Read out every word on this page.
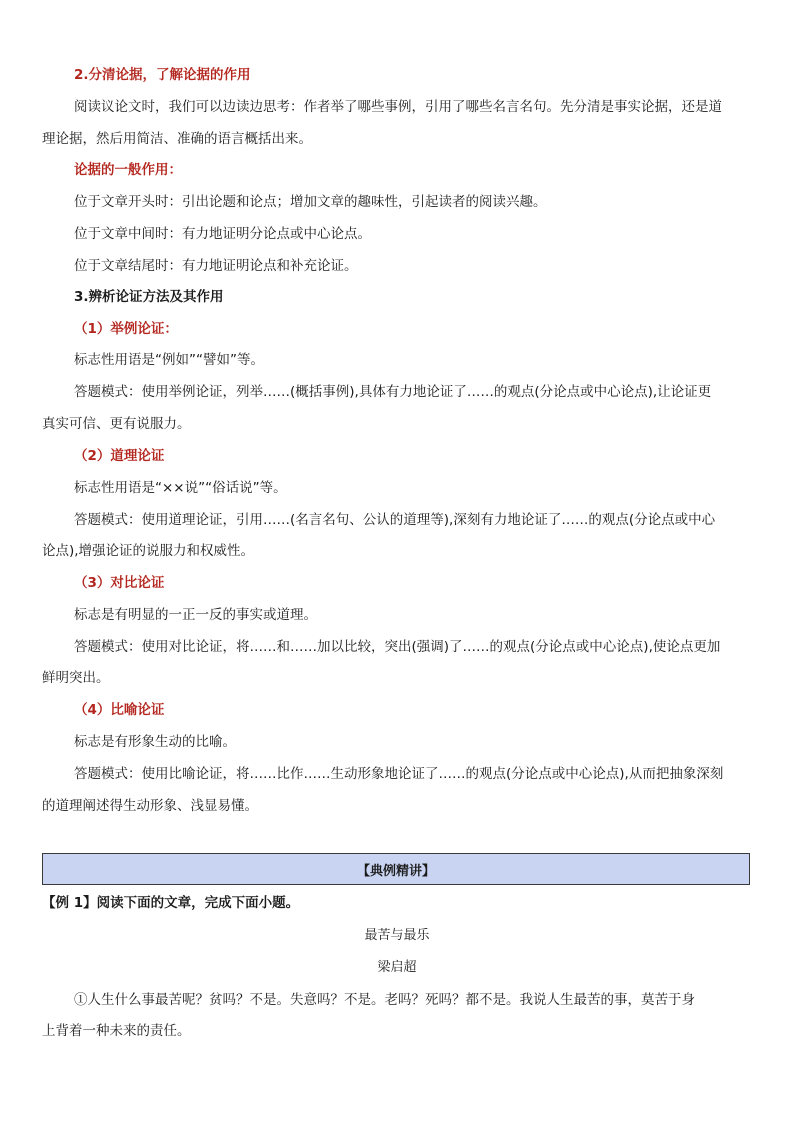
2.分清论据，了解论据的作用
阅读议论文时，我们可以边读边思考：作者举了哪些事例，引用了哪些名言名句。先分清是事实论据，还是道
理论据，然后用简洁、准确的语言概括出来。
论据的一般作用：
位于文章开头时：引出论题和论点；增加文章的趣味性，引起读者的阅读兴趣。
位于文章中间时：有力地证明分论点或中心论点。
位于文章结尾时：有力地证明论点和补充论证。
3.辨析论证方法及其作用
（1）举例论证：
标志性用语是“例如”“譬如”等。
答题模式：使用举例论证，列举……(概括事例),具体有力地论证了……的观点(分论点或中心论点),让论证更
真实可信、更有说服力。
（2）道理论证
标志性用语是“××说”“俗话说”等。
答题模式：使用道理论证，引用……(名言名句、公认的道理等),深刻有力地论证了……的观点(分论点或中心
论点),增强论证的说服力和权威性。
（3）对比论证
标志是有明显的一正一反的事实或道理。
答题模式：使用对比论证，将……和……加以比较，突出(强调)了……的观点(分论点或中心论点),使论点更加
鲜明突出。
（4）比喻论证
标志是有形象生动的比喻。
答题模式：使用比喻论证，将……比作……生动形象地论证了……的观点(分论点或中心论点),从而把抽象深刻
的道理阐述得生动形象、浅显易懂。
【典例精讲】
【例 1】阅读下面的文章，完成下面小题。
最苦与最乐
梁启超
①人生什么事最苦呢？贫吗？不是。失意吗？不是。老吗？死吗？都不是。我说人生最苦的事，莫苦于身
上背着一种未来的责任。
